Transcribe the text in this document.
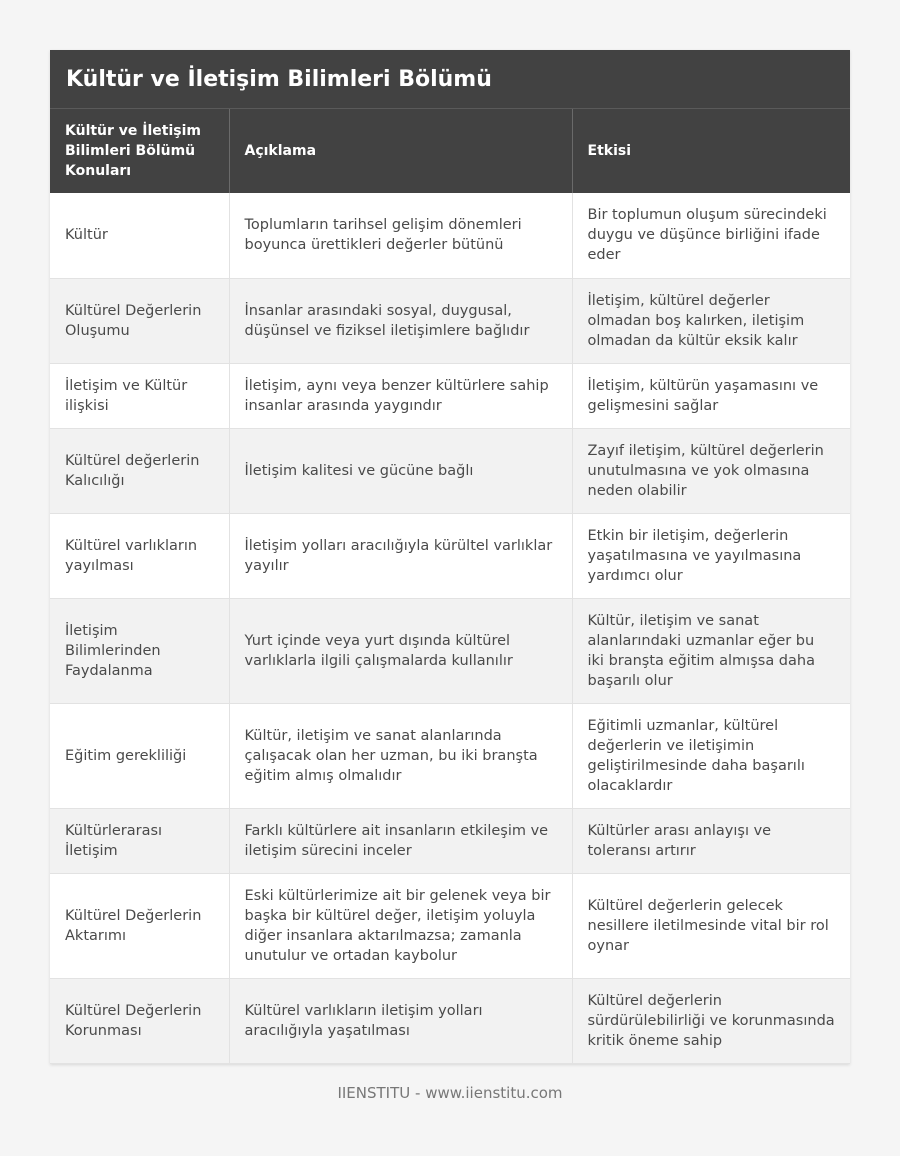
Kültür ve İletişim Bilimleri Bölümü
Kültür ve İletişim Bilimleri Bölümü Konuları	Açıklama	Etkisi
Kültür	Toplumların tarihsel gelişim dönemleri boyunca ürettikleri değerler bütünü	Bir toplumun oluşum sürecindeki duygu ve düşünce birliğini ifade eder
Kültürel Değerlerin Oluşumu	İnsanlar arasındaki sosyal, duygusal, düşünsel ve fiziksel iletişimlere bağlıdır	İletişim, kültürel değerler olmadan boş kalırken, iletişim olmadan da kültür eksik kalır
İletişim ve Kültür ilişkisi	İletişim, aynı veya benzer kültürlere sahip insanlar arasında yaygındır	İletişim, kültürün yaşamasını ve gelişmesini sağlar
Kültürel değerlerin Kalıcılığı	İletişim kalitesi ve gücüne bağlı	Zayıf iletişim, kültürel değerlerin unutulmasına ve yok olmasına neden olabilir
Kültürel varlıkların yayılması	İletişim yolları aracılığıyla kürültel varlıklar yayılır	Etkin bir iletişim, değerlerin yaşatılmasına ve yayılmasına yardımcı olur
İletişim Bilimlerinden Faydalanma	Yurt içinde veya yurt dışında kültürel varlıklarla ilgili çalışmalarda kullanılır	Kültür, iletişim ve sanat alanlarındaki uzmanlar eğer bu iki branşta eğitim almışsa daha başarılı olur
Eğitim gerekliliği	Kültür, iletişim ve sanat alanlarında çalışacak olan her uzman, bu iki branşta eğitim almış olmalıdır	Eğitimli uzmanlar, kültürel değerlerin ve iletişimin geliştirilmesinde daha başarılı olacaklardır
Kültürlerarası İletişim	Farklı kültürlere ait insanların etkileşim ve iletişim sürecini inceler	Kültürler arası anlayışı ve toleransı artırır
Kültürel Değerlerin Aktarımı	Eski kültürlerimize ait bir gelenek veya bir başka bir kültürel değer, iletişim yoluyla diğer insanlara aktarılmazsa; zamanla unutulur ve ortadan kaybolur	Kültürel değerlerin gelecek nesillere iletilmesinde vital bir rol oynar
Kültürel Değerlerin Korunması	Kültürel varlıkların iletişim yolları aracılığıyla yaşatılması	Kültürel değerlerin sürdürülebilirliği ve korunmasında kritik öneme sahip
IIENSTITU - www.iienstitu.com
